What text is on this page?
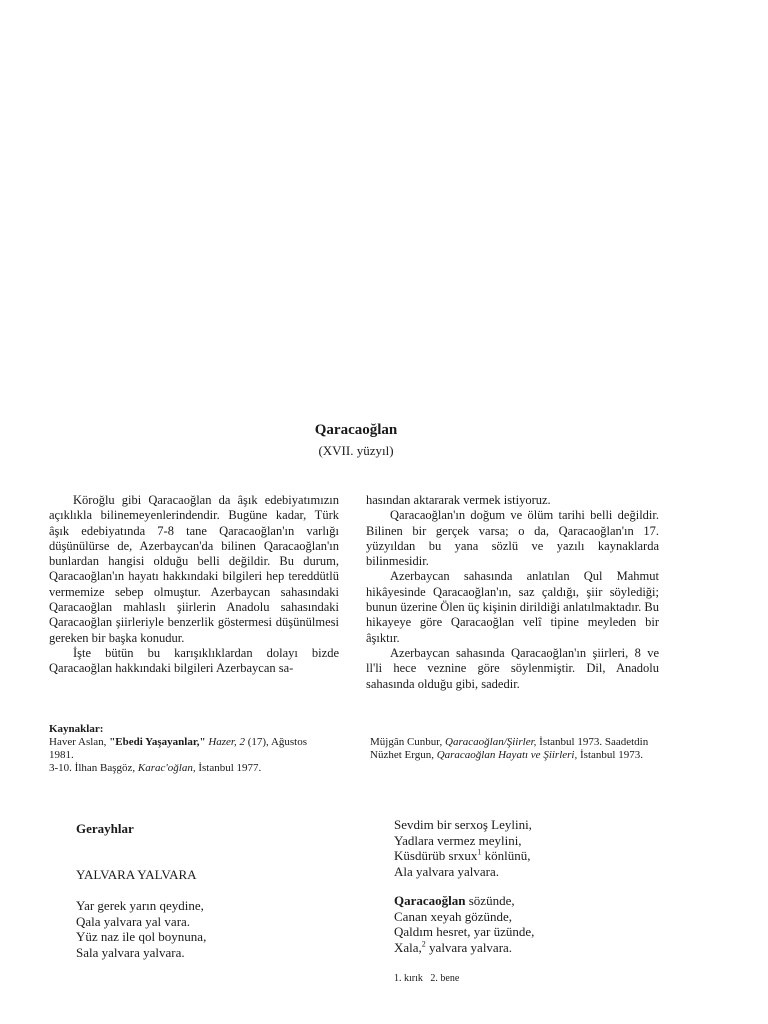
Qaracaoğlan
(XVII. yüzyıl)

Köroğlu gibi Qaracaoğlan da âşık edebiyatımızın açıklıkla bilinemeyenlerindendir. Bugüne kadar, Türk âşık edebiyatında 7-8 tane Qaracaoğlan'ın varlığı düşünülürse de, Azerbaycan'da bilinen Qaracaoğlan'ın bunlardan hangisi olduğu belli değildir. Bu durum, Qaracaoğlan'ın hayatı hakkındaki bilgileri hep tereddütlü vermemize sebep olmuştur. Azerbaycan sahasındaki Qaracaoğlan mahlaslı şiirlerin Anadolu sahasındaki Qaracaoğlan şiirleriyle benzerlik göstermesi düşünülmesi gereken bir başka konudur.

İşte bütün bu karışıklıklardan dolayı bizde Qaracaoğlan hakkındaki bilgileri Azerbaycan sa-

hasından aktararak vermek istiyoruz.

Qaracaoğlan'ın doğum ve ölüm tarihi belli değildir. Bilinen bir gerçek varsa; o da, Qaracaoğlan'ın 17. yüzyıldan bu yana sözlü ve yazılı kaynaklarda bilinmesidir.

Azerbaycan sahasında anlatılan Qul Mahmut hikâyesinde Qaracaoğlan'ın, saz çaldığı, şiir söylediği; bunun üzerine Ölen üç kişinin dirildiği anlatılmaktadır. Bu hikayeye göre Qaracaoğlan velî tipine meyleden bir âşıktır.

Azerbaycan sahasında Qaracaoğlan'ın şiirleri, 8 ve ll'li hece veznine göre söylenmiştir. Dil, Anadolu sahasında olduğu gibi, sadedir.

Kaynaklar:
Haver Aslan, "Ebedi Yaşayanlar," Hazer, 2 (17), Ağustos 1981.
3-10. İlhan Başgöz, Karac'oğlan, İstanbul 1977.
Müjgân Cunbur, Qaracaoğlan/Şiirler, İstanbul 1973. Saadetdin Nüzhet Ergun, Qaracaoğlan Hayatı ve Şiirleri, İstanbul 1973.
Gerayhlar
YALVARA YALVARA
Yar gerek yarın qeydine,
Qala yalvara yal vara.
Yüz naz ile qol boynuna,
Sala yalvara yalvara.
Sevdim bir serxoş Leylini,
Yadlara vermez meylini,
Küsdürüb srxux$^1$ könlünü,
Ala yalvara yalvara.
Qaracaoğlan sözünde,
Canan xeyah gözünde,
Qaldım hesret, yar üzünde,
Xala,$^2$ yalvara yalvara.
1. kırık   2. bene
